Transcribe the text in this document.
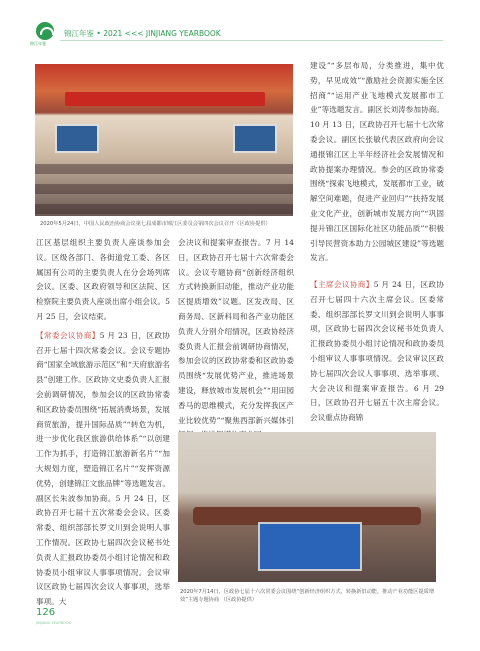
锦江年鉴
锦江年鉴 • 2021 <<< JINJIANG YEARBOOK
2020年5月24日，中国人民政治协商会议第七届成都市锦江区委员会第四次会议召开（区政协提供）

江区基层组织主要负责人座谈参加会议。区级各部门、各街道党工委、各区属国有公司的主要负责人在分会场列席会议。区委、区政府领导和区法院、区检察院主要负责人座谈出席小组会议。5 月 25 日，会议结束。

【常委会议协商】5 月 23 日，区政协召开七届十四次常委会议。会议专题协商“国家全域旅游示范区”和“天府旅游名县”创建工作。区政协文史委负责人汇报会前调研情况，参加会议的区政协常委和区政协委员围绕“拓展消费场景，发展商贸旅游，提升国际品质”“转危为机，进一步优化我区旅游供给体系”“以创建工作为抓手，打造锦江旅游新名片”“加大规划力度，塑造锦江名片”“发挥资源优势，创建锦江文旅品牌”等选题发言。副区长朱波参加协商。5 月 24 日，区政协召开七届十五次常委会会议。区委常委、组织部部长罗文川到会说明人事工作情况。区政协七届四次会议秘书处负责人汇报政协委员小组讨论情况和政协委员小组审议人事事项情况。会议审议区政协七届四次会议人事事项，选举事项。大

会决议和提案审查报告。7 月 14 日，区政协召开七届十六次常委会议。会议专题协商“创新经济组织方式转换新旧动能，推动产业功能区提质增效”议题。区发改局、区商务局、区新科局和各产业功能区负责人分别介绍情况，区政协经济委负责人汇报会前调研协商情况，参加会议的区政协常委和区政协委员围绕“发展优势产业，推进场景建设，释放城市发展机会”“用田园香马的思维模式，充分发挥我区产业比较优势”“聚焦西部新兴媒体引

建设”“多层布局，分类推进，集中优势，早见成效”“激励社会资源实施全区招商”“运用产业飞地模式发展都市工业”等选题发言。副区长刘涛参加协商。10 月 13 日，区政协召开七届十七次常委会议。副区长张敏代表区政府向会议通报锦江区上半年经济社会发展情况和政协提案办理情况。参会的区政协常委围绕“探索飞地模式，发展都市工业，破解空间难题，促进产业回归”“扶持发展业文化产业，创新城市发展方向”“巩固提升锦江区国际化社区功能品质”“积极引导民营资本助力公园城区建设”等选题发言。

【主席会议协商】5 月 24 日，区政协召开七届四十六次主席会议。区委常委、组织部部长罗文川到会说明人事事项，区政协七届四次会议秘书处负责人汇报政协委员小组讨论情况和政协委员小组审议人事事项情况。会议审议区政协七届四次会议人事事项、选举事项、大会决议和提案审查报告。6 月 29 日，区政协召开七届五十次主席会议。会议重点协商锦

2020年7月14日，区政协七届十六次常委会议围绕“创新经济组织方式，转换新旧动能，推动产业功能区提质增效”主题专题协商 （区政协提供）
126
JINJIANG YEARBOOK
